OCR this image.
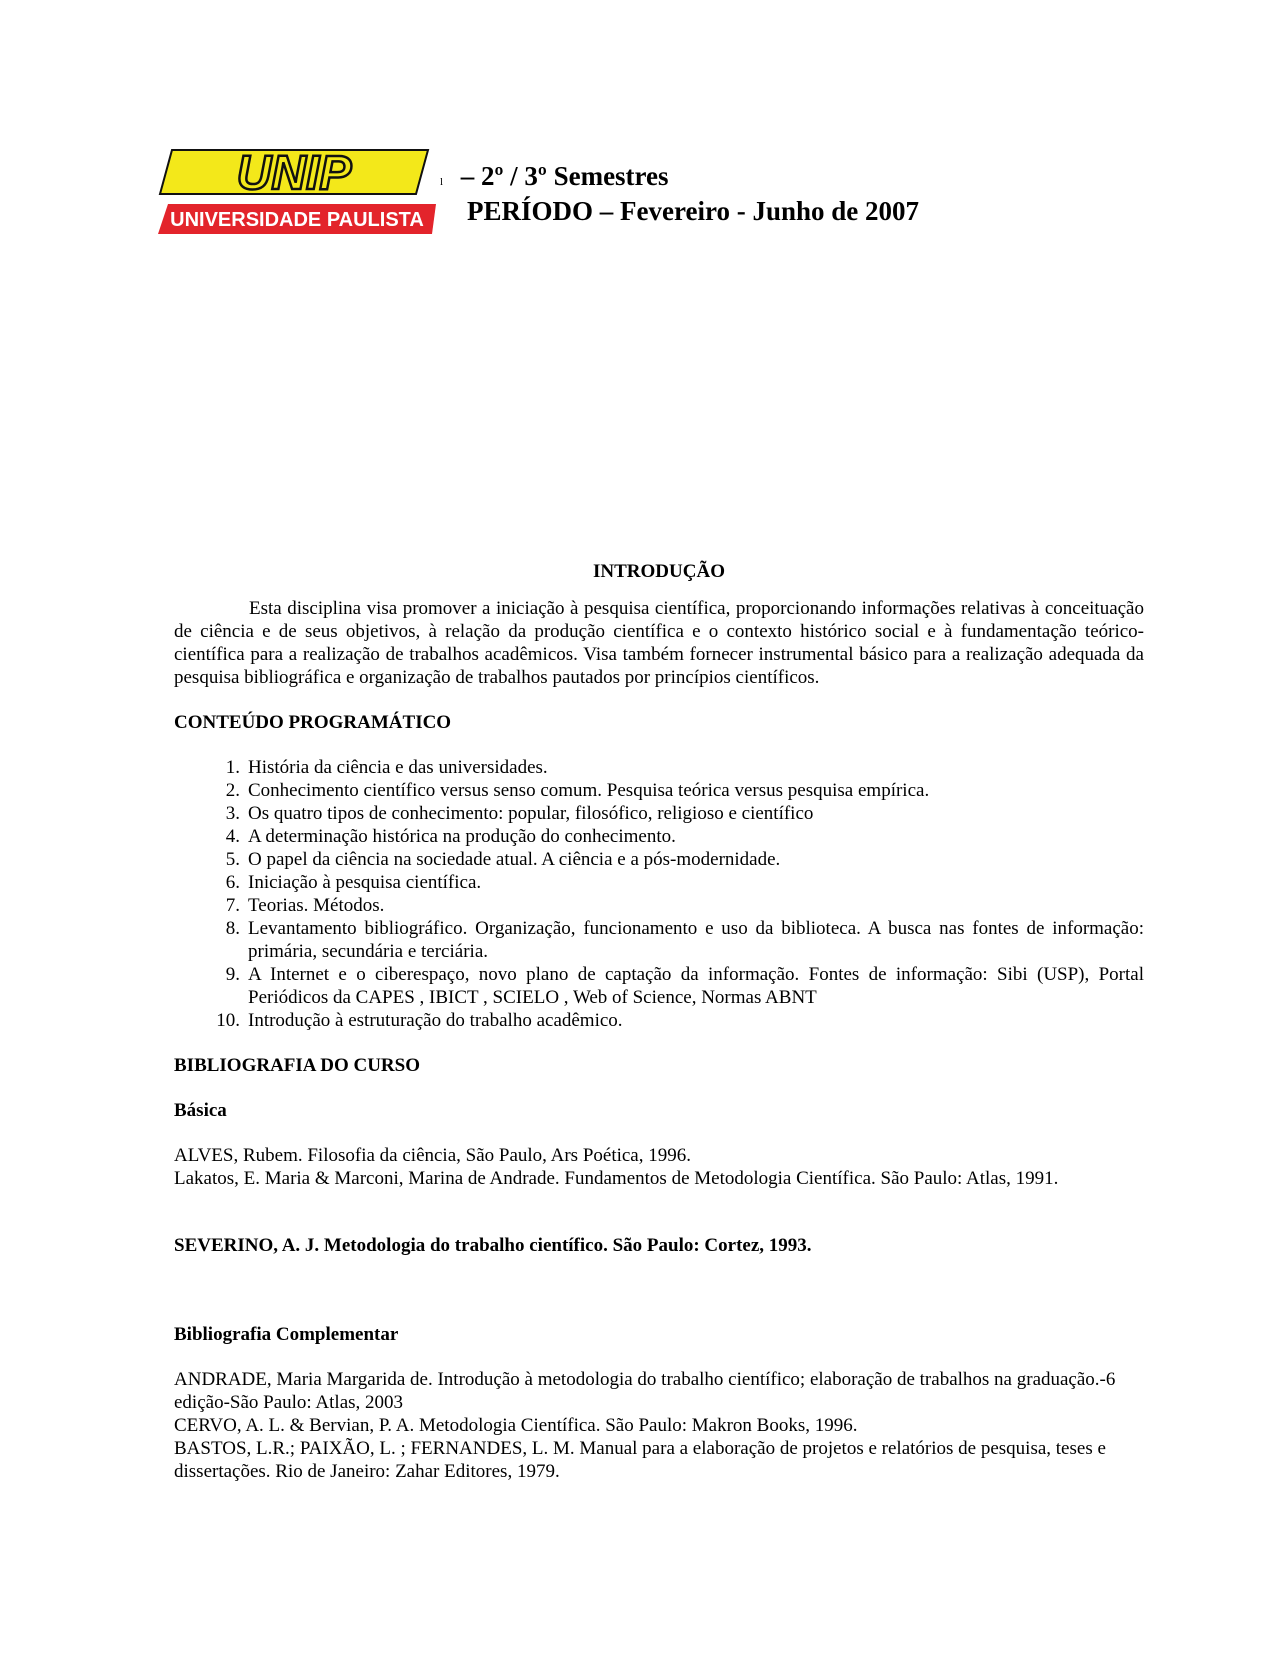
UNIP
UNIVERSIDADE PAULISTA
l – 2º / 3º Semestres
PERÍODO – Fevereiro - Junho de 2007
INTRODUÇÃO

Esta disciplina visa promover a iniciação à pesquisa científica, proporcionando informações relativas à conceituação de ciência e de seus objetivos, à relação da produção científica e o contexto histórico social e à fundamentação teórico-científica para a realização de trabalhos acadêmicos. Visa também fornecer instrumental básico para a realização adequada da pesquisa bibliográfica e organização de trabalhos pautados por princípios científicos.

CONTEÚDO PROGRAMÁTICO
1. História da ciência e das universidades.
2. Conhecimento científico versus senso comum. Pesquisa teórica versus pesquisa empírica.
3. Os quatro tipos de conhecimento: popular, filosófico, religioso e científico
4. A determinação histórica na produção do conhecimento.
5. O papel da ciência na sociedade atual. A ciência e a pós-modernidade.
6. Iniciação à pesquisa científica.
7. Teorias. Métodos.
8. Levantamento bibliográfico. Organização, funcionamento e uso da biblioteca. A busca nas fontes de informação: primária, secundária e terciária.
9. A Internet e o ciberespaço, novo plano de captação da informação. Fontes de informação: Sibi (USP), Portal Periódicos da CAPES , IBICT , SCIELO , Web of Science, Normas ABNT
10. Introdução à estruturação do trabalho acadêmico.
BIBLIOGRAFIA DO CURSO
Básica

ALVES, Rubem. Filosofia da ciência, São Paulo, Ars Poética, 1996.

Lakatos, E. Maria & Marconi, Marina de Andrade. Fundamentos de Metodologia Científica. São Paulo: Atlas, 1991.

SEVERINO, A. J. Metodologia do trabalho científico. São Paulo: Cortez, 1993.

Bibliografia Complementar

ANDRADE, Maria Margarida de. Introdução à metodologia do trabalho científico; elaboração de trabalhos na graduação.-6 edição-São Paulo: Atlas, 2003

CERVO, A. L. & Bervian, P. A. Metodologia Científica. São Paulo: Makron Books, 1996.

BASTOS, L.R.; PAIXÃO, L. ; FERNANDES, L. M. Manual para a elaboração de projetos e relatórios de pesquisa, teses e dissertações. Rio de Janeiro: Zahar Editores, 1979.
